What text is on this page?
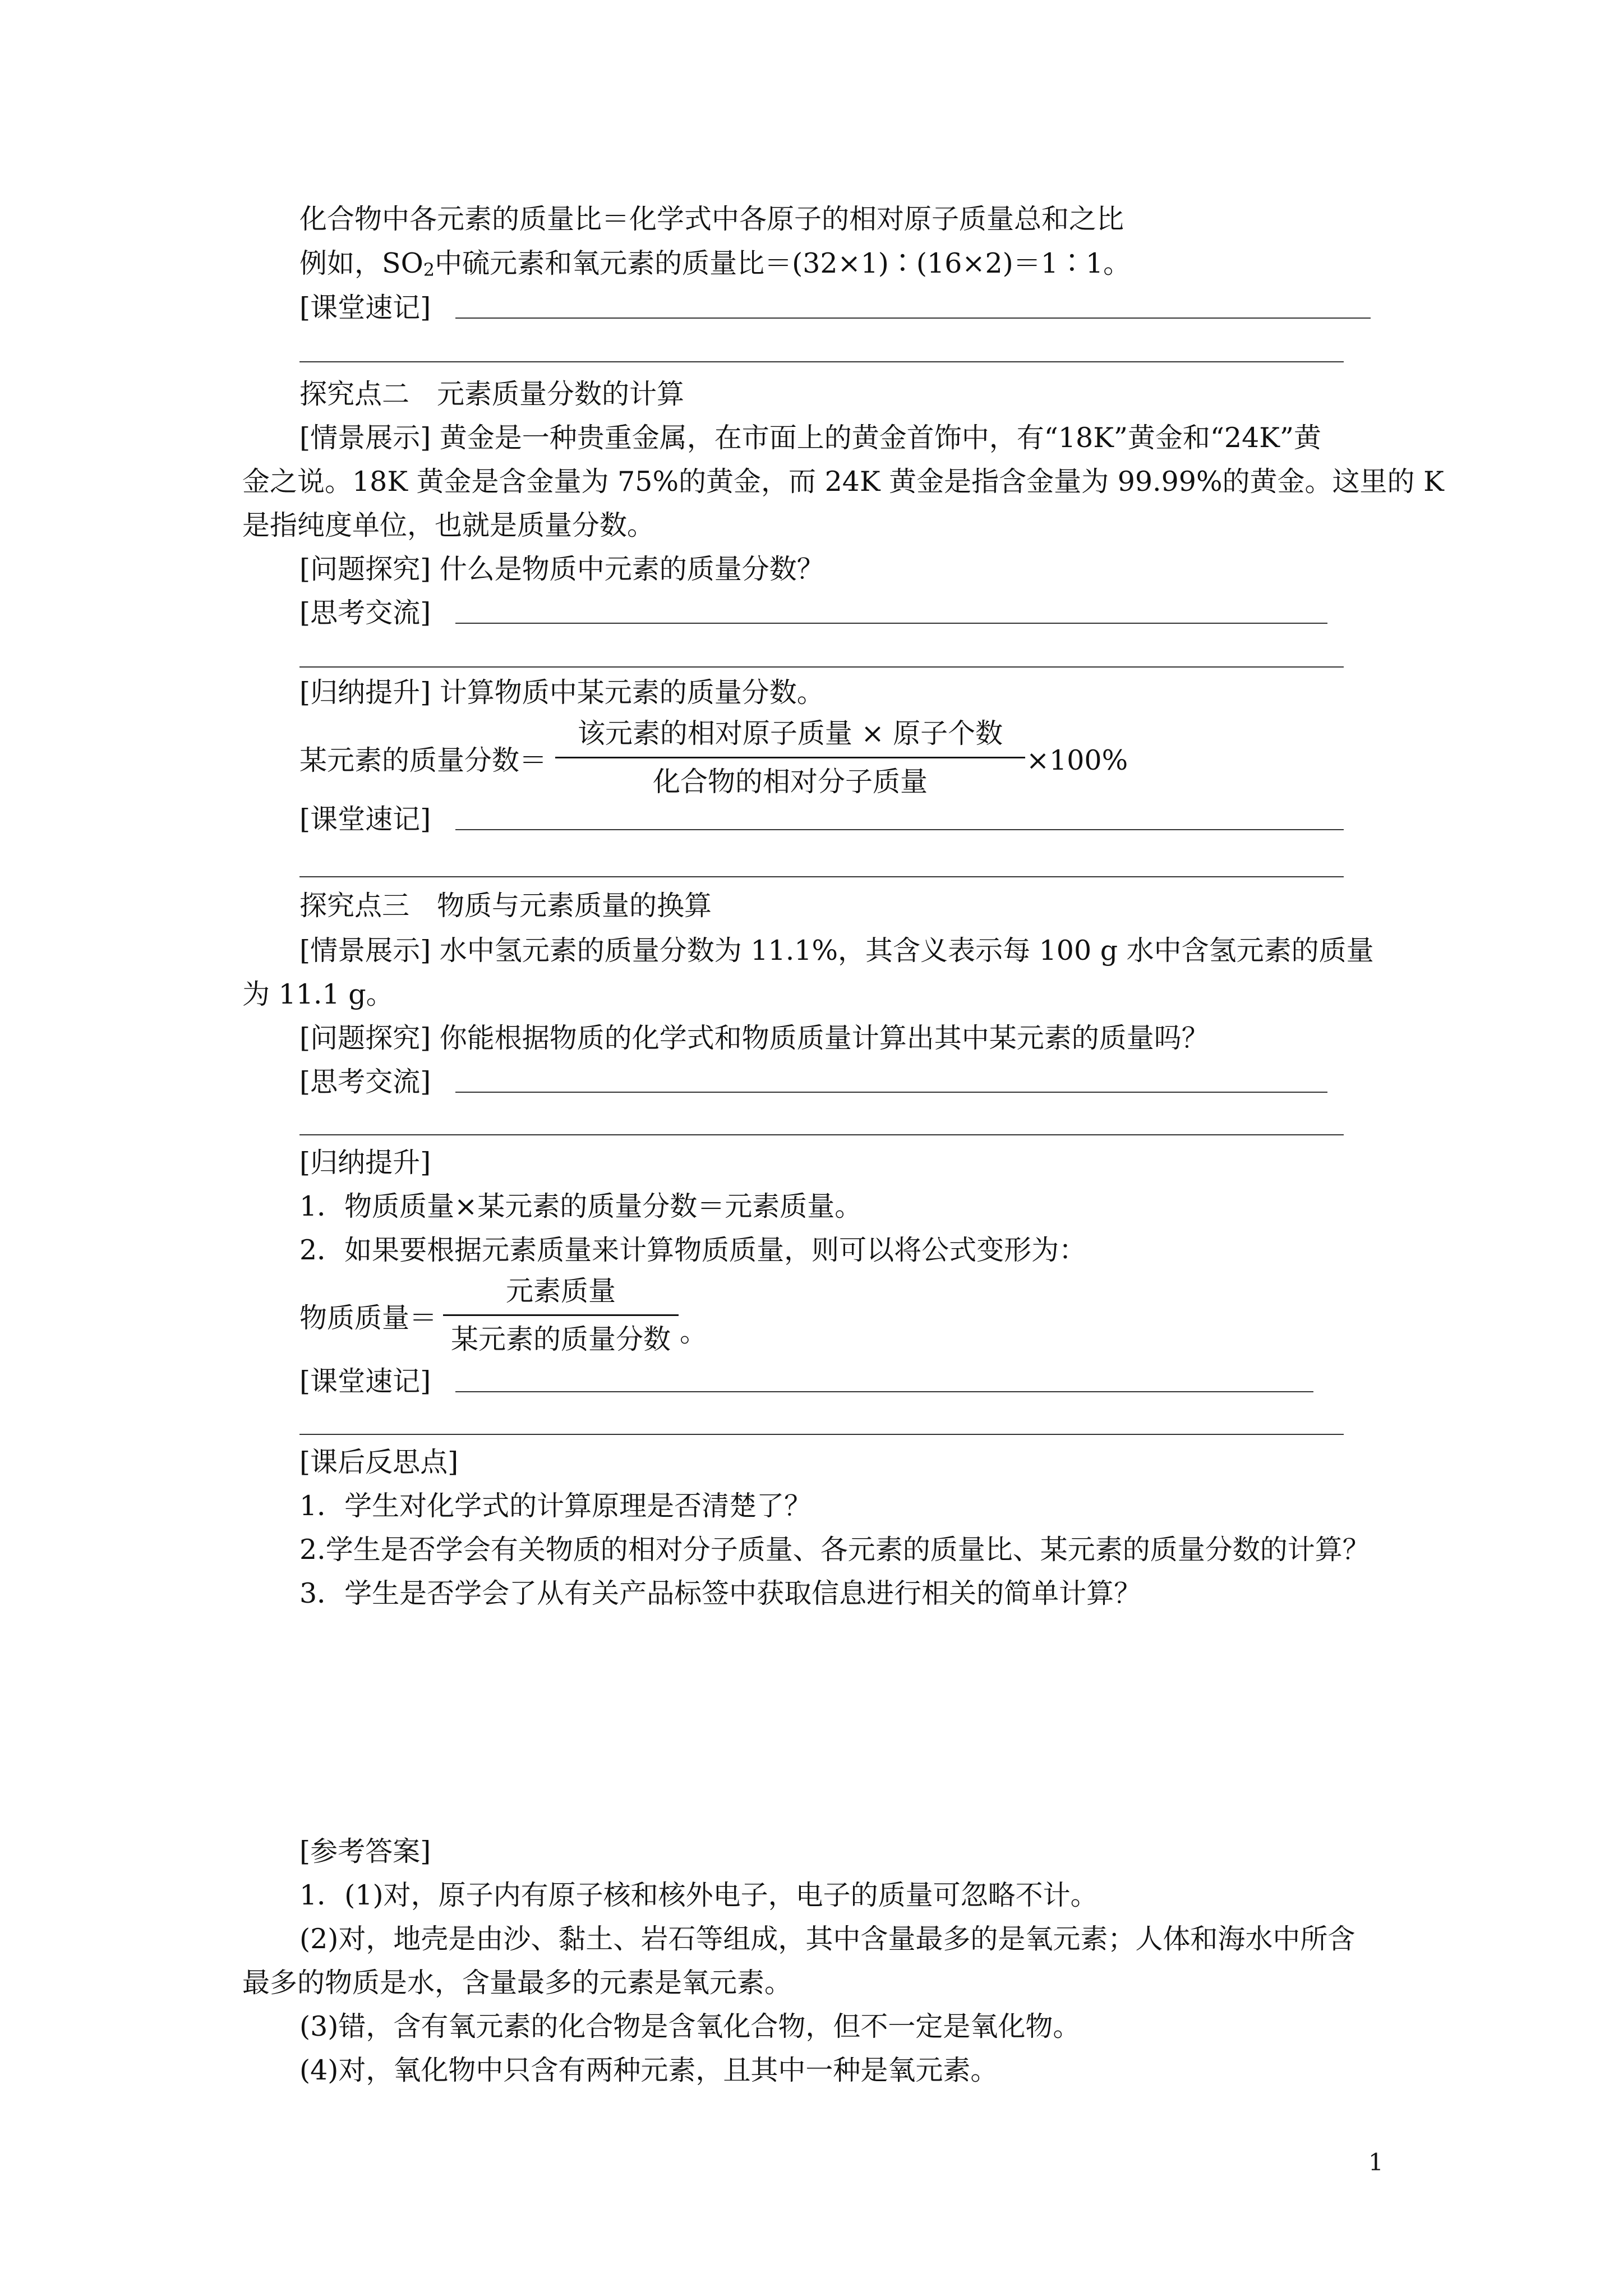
化合物中各元素的质量比＝化学式中各原子的相对原子质量总和之比
例如，$SO_2$中硫元素和氧元素的质量比＝(32×1)∶(16×2)＝1∶1。
[课堂速记]
探究点二　元素质量分数的计算
[情景展示] 黄金是一种贵重金属，在市面上的黄金首饰中，有“18K”黄金和“24K”黄
金之说。18K 黄金是含金量为 75%的黄金，而 24K 黄金是指含金量为 99.99%的黄金。这里的 K
是指纯度单位，也就是质量分数。
[问题探究] 什么是物质中元素的质量分数？
[思考交流]
[归纳提升] 计算物质中某元素的质量分数。
某元素的质量分数＝
该元素的相对原子质量 × 原子个数
化合物的相对分子质量
×100%
[课堂速记]
探究点三　物质与元素质量的换算
[情景展示] 水中氢元素的质量分数为 11.1%，其含义表示每 100 g 水中含氢元素的质量
为 11.1 g。
[问题探究] 你能根据物质的化学式和物质质量计算出其中某元素的质量吗？
[思考交流]
[归纳提升]
1．物质质量×某元素的质量分数＝元素质量。
2．如果要根据元素质量来计算物质质量，则可以将公式变形为：
物质质量＝
元素质量
某元素的质量分数 。
[课堂速记]
[课后反思点]
1．学生对化学式的计算原理是否清楚了？
2.学生是否学会有关物质的相对分子质量、各元素的质量比、某元素的质量分数的计算？
3．学生是否学会了从有关产品标签中获取信息进行相关的简单计算？
[参考答案]
1．(1)对，原子内有原子核和核外电子，电子的质量可忽略不计。
(2)对，地壳是由沙、黏土、岩石等组成，其中含量最多的是氧元素；人体和海水中所含
最多的物质是水，含量最多的元素是氧元素。
(3)错，含有氧元素的化合物是含氧化合物，但不一定是氧化物。
(4)对，氧化物中只含有两种元素，且其中一种是氧元素。
1
